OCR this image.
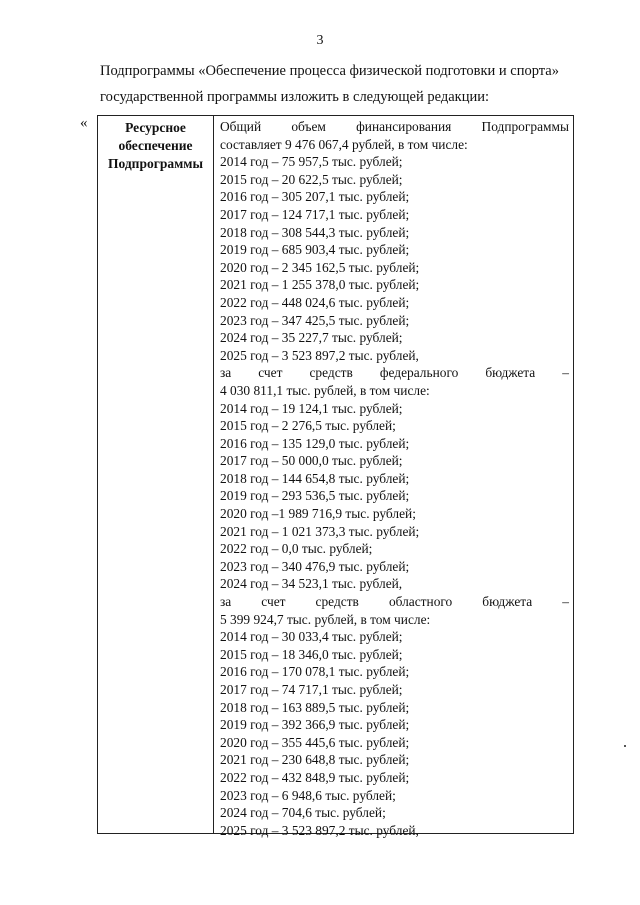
3
Подпрограммы «Обеспечение процесса физической подготовки и спорта»
государственной программы изложить в следующей редакции:
«	Ресурсное
обеспечение
Подпрограммы
Общий объем финансирования Подпрограммы
составляет 9 476 067,4 рублей, в том числе:
2014 год – 75 957,5 тыс. рублей;
2015 год – 20 622,5 тыс. рублей;
2016 год – 305 207,1 тыс. рублей;
2017 год – 124 717,1 тыс. рублей;
2018 год – 308 544,3 тыс. рублей;
2019 год – 685 903,4 тыс. рублей;
2020 год – 2 345 162,5 тыс. рублей;
2021 год – 1 255 378,0 тыс. рублей;
2022 год – 448 024,6 тыс. рублей;
2023 год – 347 425,5 тыс. рублей;
2024 год – 35 227,7 тыс. рублей;
2025 год – 3 523 897,2 тыс. рублей,
за счет средств федерального бюджета –
4 030 811,1 тыс. рублей, в том числе:
2014 год – 19 124,1 тыс. рублей;
2015 год – 2 276,5 тыс. рублей;
2016 год – 135 129,0 тыс. рублей;
2017 год – 50 000,0 тыс. рублей;
2018 год – 144 654,8 тыс. рублей;
2019 год – 293 536,5 тыс. рублей;
2020 год –1 989 716,9 тыс. рублей;
2021 год – 1 021 373,3 тыс. рублей;
2022 год – 0,0 тыс. рублей;
2023 год – 340 476,9 тыс. рублей;
2024 год – 34 523,1 тыс. рублей,
за счет средств областного бюджета –
5 399 924,7 тыс. рублей, в том числе:
2014 год – 30 033,4 тыс. рублей;
2015 год – 18 346,0 тыс. рублей;
2016 год – 170 078,1 тыс. рублей;
2017 год – 74 717,1 тыс. рублей;
2018 год – 163 889,5 тыс. рублей;
2019 год – 392 366,9 тыс. рублей;
2020 год – 355 445,6 тыс. рублей;
2021 год – 230 648,8 тыс. рублей;
2022 год – 432 848,9 тыс. рублей;
2023 год – 6 948,6 тыс. рублей;
2024 год – 704,6 тыс. рублей;
2025 год – 3 523 897,2 тыс. рублей,
